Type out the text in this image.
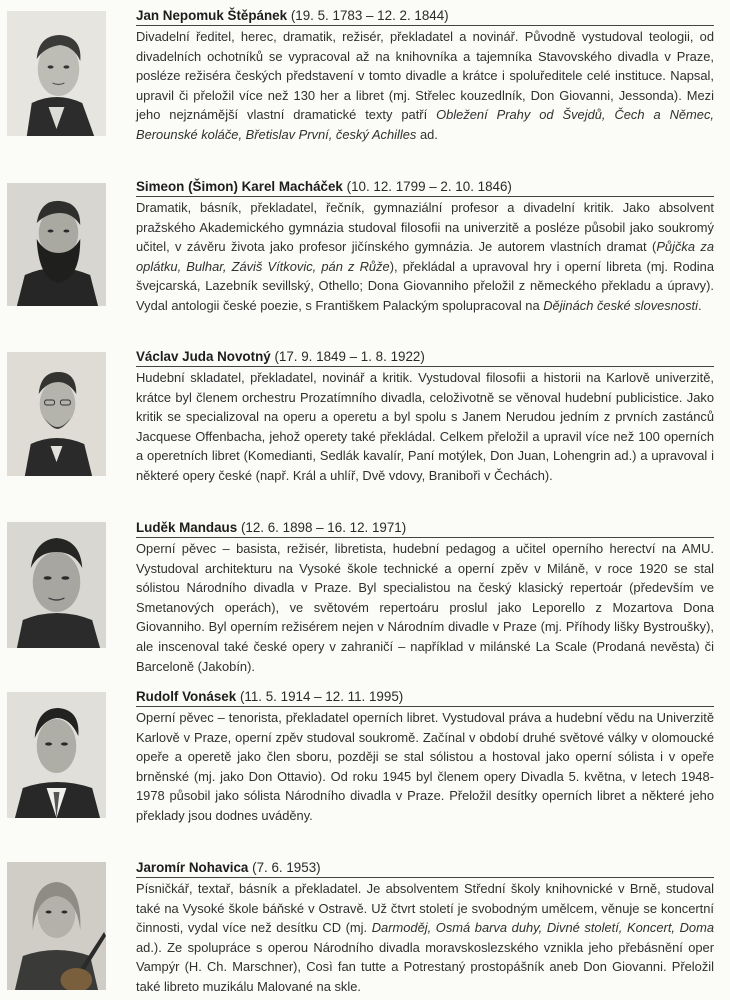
Jan Nepomuk Štěpánek (19. 5. 1783 – 12. 2. 1844)
Divadelní ředitel, herec, dramatik, režisér, překladatel a novinář. Původně vystudoval teologii, od divadelních ochotníků se vypracoval až na knihovníka a tajemníka Stavovského divadla v Praze, posléze režiséra českých představení v tomto divadle a krátce i spoluředitele celé instituce. Napsal, upravil či přeložil více než 130 her a libret (mj. Střelec kouzedlník, Don Giovanni, Jessonda). Mezi jeho nejznámější vlastní dramatické texty patří Obležení Prahy od Švejdů, Čech a Němec, Berounské koláče, Břetislav První, český Achilles ad.
Simeon (Šimon) Karel Macháček (10. 12. 1799 – 2. 10. 1846)
Dramatik, básník, překladatel, řečník, gymnaziální profesor a divadelní kritik. Jako absolvent pražského Akademického gymnázia studoval filosofii na univerzitě a posléze působil jako soukromý učitel, v závěru života jako profesor jičínského gymnázia. Je autorem vlastních dramat (Půjčka za oplátku, Bulhar, Záviš Vítkovic, pán z Růže), překládal a upravoval hry i operní libreta (mj. Rodina švejcarská, Lazebník sevillský, Othello; Dona Giovanniho přeložil z německého překladu a úpravy). Vydal antologii české poezie, s Františkem Palackým spolupracoval na Dějinách české slovesnosti.
Václav Juda Novotný (17. 9. 1849 – 1. 8. 1922)
Hudební skladatel, překladatel, novinář a kritik. Vystudoval filosofii a historii na Karlově univerzitě, krátce byl členem orchestru Prozatímního divadla, celoživotně se věnoval hudební publicistice. Jako kritik se specializoval na operu a operetu a byl spolu s Janem Nerudou jedním z prvních zastánců Jacquese Offenbacha, jehož operety také překládal. Celkem přeložil a upravil více než 100 operních a operetních libret (Komedianti, Sedlák kavalír, Paní motýlek, Don Juan, Lohengrin ad.) a upravoval i některé opery české (např. Král a uhlíř, Dvě vdovy, Braniboři v Čechách).
Luděk Mandaus (12. 6. 1898 – 16. 12. 1971)
Operní pěvec – basista, režisér, libretista, hudební pedagog a učitel operního herectví na AMU. Vystudoval architekturu na Vysoké škole technické a operní zpěv v Miláně, v roce 1920 se stal sólistou Národního divadla v Praze. Byl specialistou na český klasický repertoár (především ve Smetanových operách), ve světovém repertoáru proslul jako Leporello z Mozartova Dona Giovanniho. Byl operním režisérem nejen v Národním divadle v Praze (mj. Příhody lišky Bystroušky), ale inscenoval také české opery v zahraničí – například v milánské La Scale (Prodaná nevěsta) či Barceloně (Jakobín).
Rudolf Vonásek (11. 5. 1914 – 12. 11. 1995)
Operní pěvec – tenorista, překladatel operních libret. Vystudoval práva a hudební vědu na Univerzitě Karlově v Praze, operní zpěv studoval soukromě. Začínal v období druhé světové války v olomoucké opeře a operetě jako člen sboru, později se stal sólistou a hostoval jako operní sólista i v opeře brněnské (mj. jako Don Ottavio). Od roku 1945 byl členem opery Divadla 5. května, v letech 1948-1978 působil jako sólista Národního divadla v Praze. Přeložil desítky operních libret a některé jeho překlady jsou dodnes uváděny.
Jaromír Nohavica (7. 6. 1953)
Písničkář, textař, básník a překladatel. Je absolventem Střední školy knihovnické v Brně, studoval také na Vysoké škole báňské v Ostravě. Už čtvrt století je svobodným umělcem, věnuje se koncertní činnosti, vydal více než desítku CD (mj. Darmoděj, Osmá barva duhy, Divné století, Koncert, Doma ad.). Ze spolupráce s operou Národního divadla moravskoslezského vznikla jeho přebásnění oper Vampýr (H. Ch. Marschner), Così fan tutte a Potrestaný prostopášník aneb Don Giovanni. Přeložil také libreto muzikálu Malované na skle.
